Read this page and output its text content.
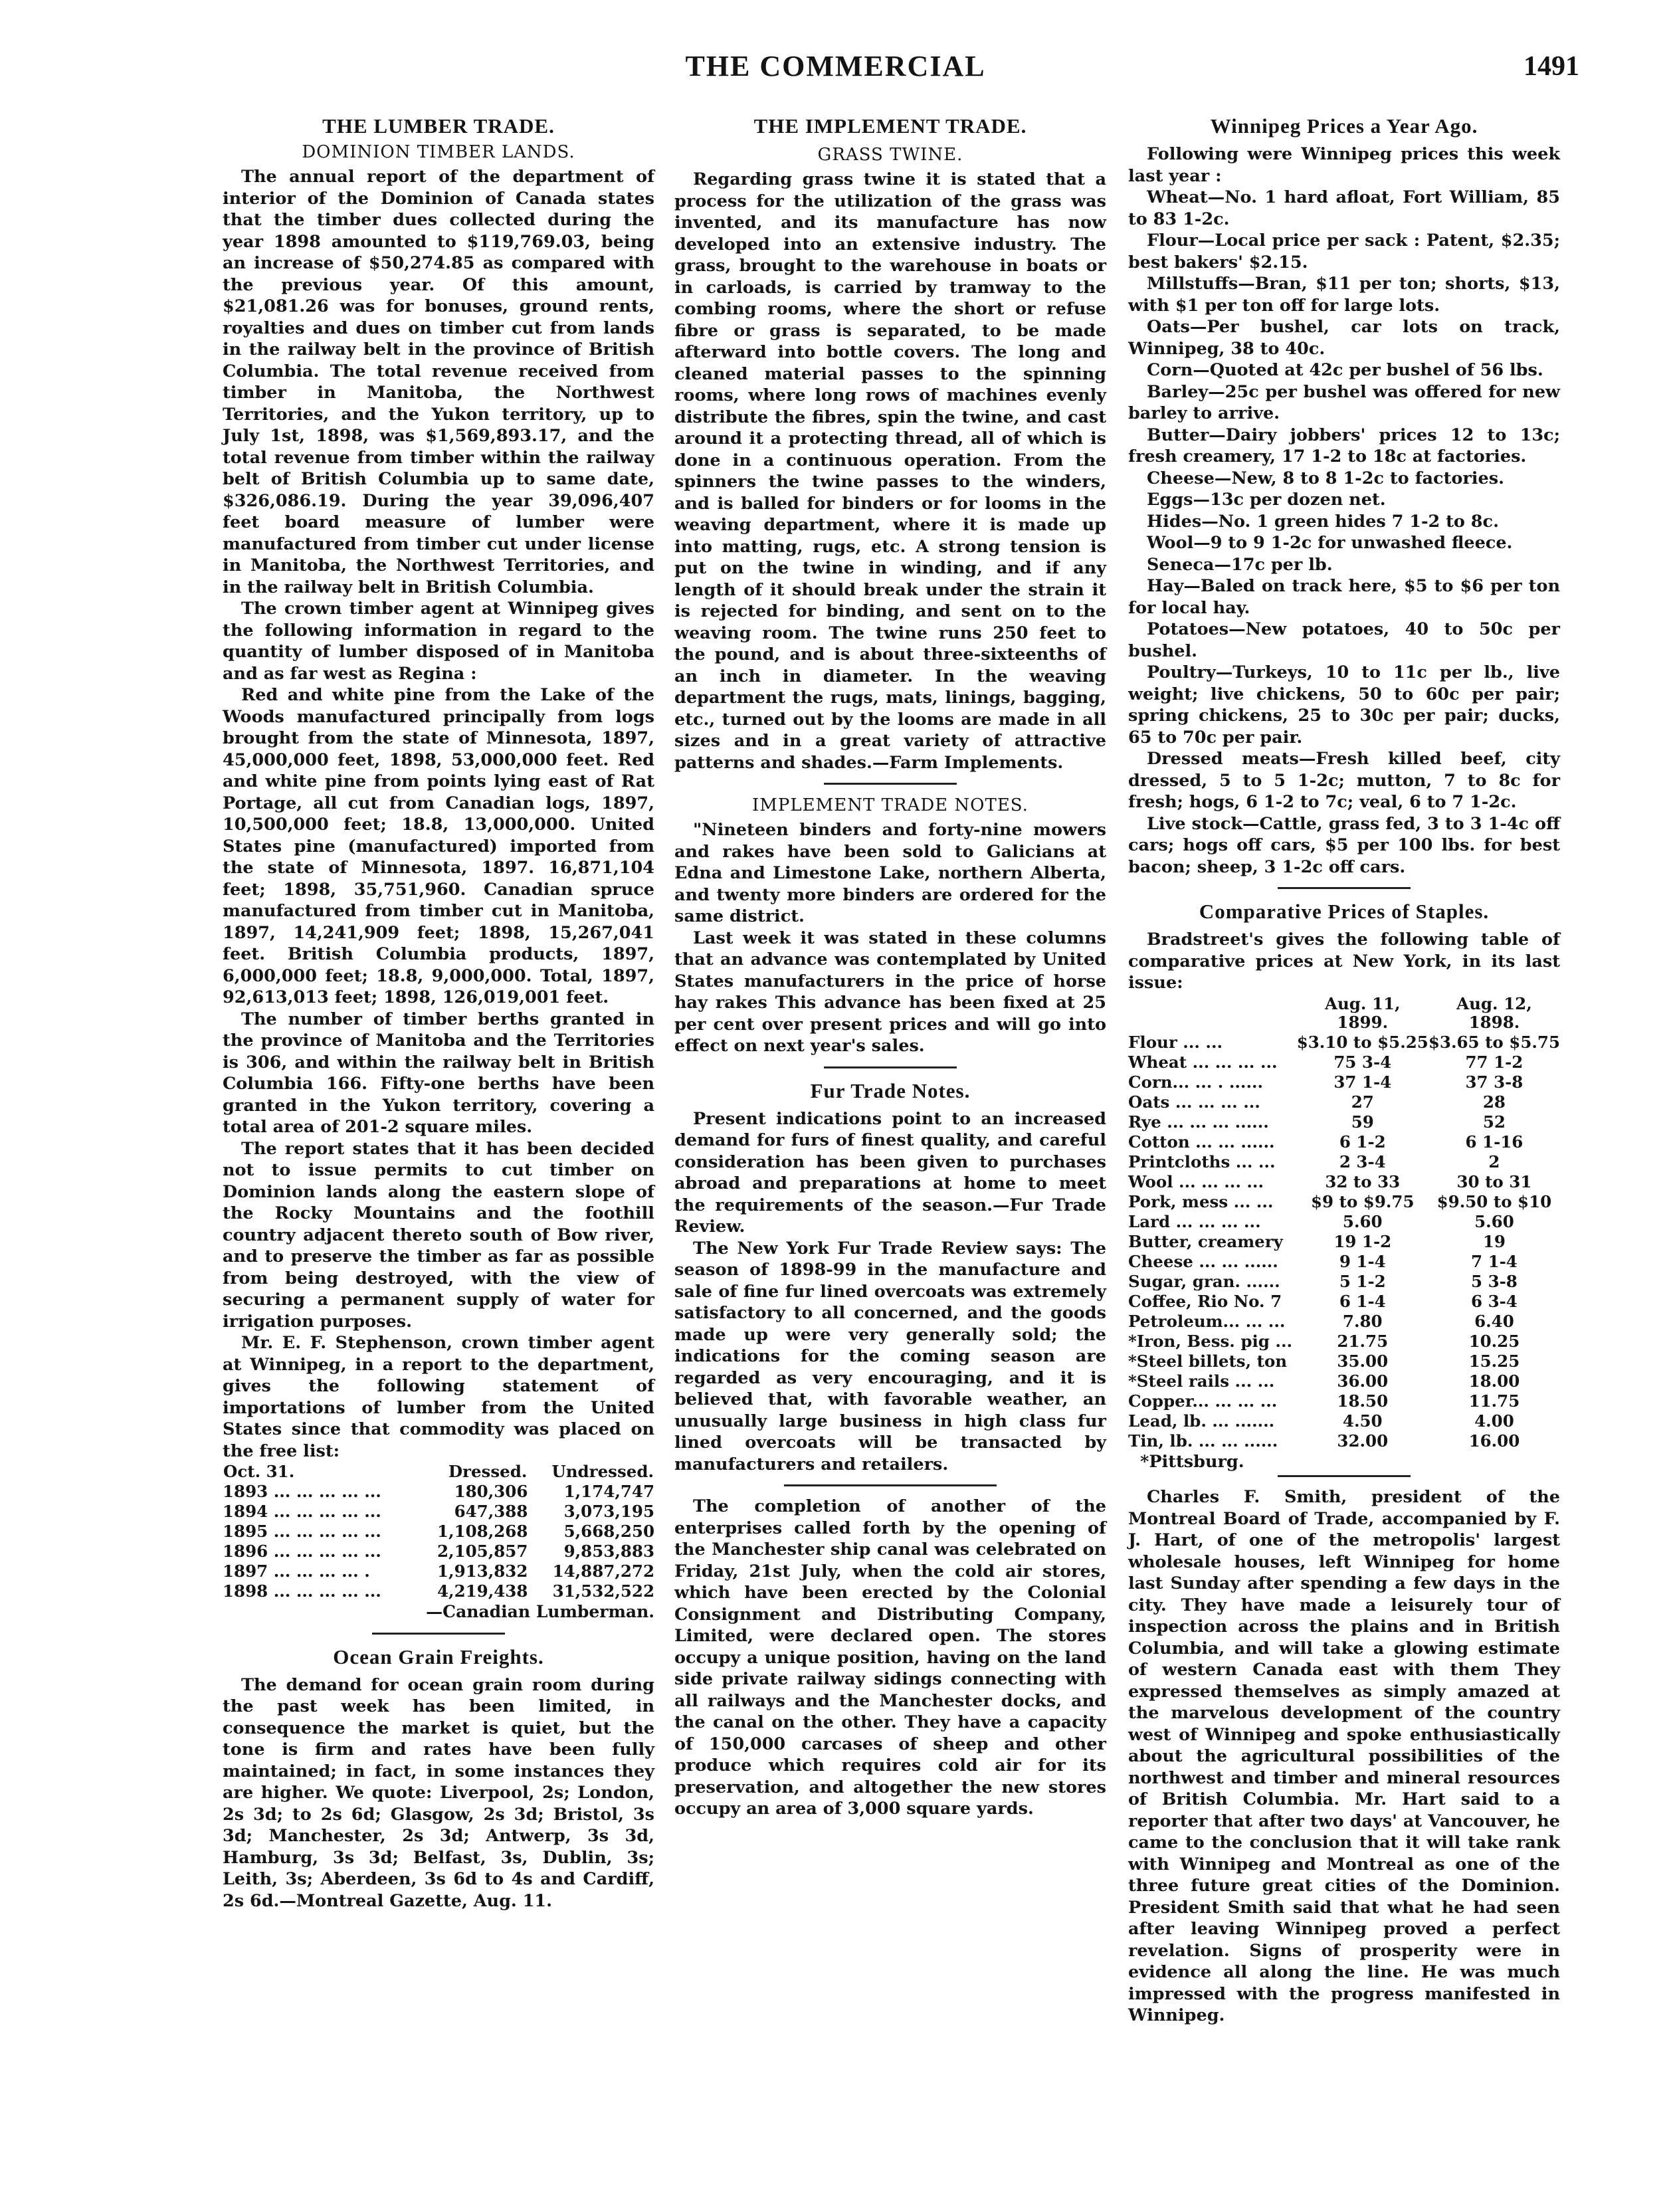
THE COMMERCIAL	1491
THE LUMBER TRADE.
DOMINION TIMBER LANDS.

The annual report of the department of interior of the Dominion of Canada states that the timber dues collected during the year 1898 amounted to $119,769.03, being an increase of $50,274.85 as compared with the previous year. Of this amount, $21,081.26 was for bonuses, ground rents, royalties and dues on timber cut from lands in the railway belt in the province of British Columbia. The total revenue received from timber in Manitoba, the Northwest Territories, and the Yukon territory, up to July 1st, 1898, was $1,569,893.17, and the total revenue from timber within the railway belt of British Columbia up to same date, $326,086.19. During the year 39,096,407 feet board measure of lumber were manufactured from timber cut under license in Manitoba, the Northwest Territories, and in the railway belt in British Columbia.

The crown timber agent at Winnipeg gives the following information in regard to the quantity of lumber disposed of in Manitoba and as far west as Regina :

Red and white pine from the Lake of the Woods manufactured principally from logs brought from the state of Minnesota, 1897, 45,000,000 feet, 1898, 53,000,000 feet. Red and white pine from points lying east of Rat Portage, all cut from Canadian logs, 1897, 10,500,000 feet; 18.8, 13,000,000. United States pine (manufactured) imported from the state of Minnesota, 1897. 16,871,104 feet; 1898, 35,751,960. Canadian spruce manufactured from timber cut in Manitoba, 1897, 14,241,909 feet; 1898, 15,267,041 feet. British Columbia products, 1897, 6,000,000 feet; 18.8, 9,000,000. Total, 1897, 92,613,013 feet; 1898, 126,019,001 feet.

The number of timber berths granted in the province of Manitoba and the Territories is 306, and within the railway belt in British Columbia 166. Fifty-one berths have been granted in the Yukon territory, covering a total area of 201-2 square miles.

The report states that it has been decided not to issue permits to cut timber on Dominion lands along the eastern slope of the Rocky Mountains and the foothill country adjacent thereto south of Bow river, and to preserve the timber as far as possible from being destroyed, with the view of securing a permanent supply of water for irrigation purposes.

Mr. E. F. Stephenson, crown timber agent at Winnipeg, in a report to the department, gives the following statement of importations of lumber from the United States since that commodity was placed on the free list:

Oct. 31.	Dressed.	Undressed.
1893 ... ... ... ... ...	180,306	1,174,747
1894 ... ... ... ... ...	647,388	3,073,195
1895 ... ... ... ... ...	1,108,268	5,668,250
1896 ... ... ... ... ...	2,105,857	9,853,883
1897 ... ... ... ... .	1,913,832	14,887,272
1898 ... ... ... ... ...	4,219,438	31,532,522

—Canadian Lumberman.

Ocean Grain Freights.

The demand for ocean grain room during the past week has been limited, in consequence the market is quiet, but the tone is firm and rates have been fully maintained; in fact, in some instances they are higher. We quote: Liverpool, 2s; London, 2s 3d; to 2s 6d; Glasgow, 2s 3d; Bristol, 3s 3d; Manchester, 2s 3d; Antwerp, 3s 3d, Hamburg, 3s 3d; Belfast, 3s, Dublin, 3s; Leith, 3s; Aberdeen, 3s 6d to 4s and Cardiff, 2s 6d.—Montreal Gazette, Aug. 11.

THE IMPLEMENT TRADE.
GRASS TWINE.

Regarding grass twine it is stated that a process for the utilization of the grass was invented, and its manufacture has now developed into an extensive industry. The grass, brought to the warehouse in boats or in carloads, is carried by tramway to the combing rooms, where the short or refuse fibre or grass is separated, to be made afterward into bottle covers. The long and cleaned material passes to the spinning rooms, where long rows of machines evenly distribute the fibres, spin the twine, and cast around it a protecting thread, all of which is done in a continuous operation. From the spinners the twine passes to the winders, and is balled for binders or for looms in the weaving department, where it is made up into matting, rugs, etc. A strong tension is put on the twine in winding, and if any length of it should break under the strain it is rejected for binding, and sent on to the weaving room. The twine runs 250 feet to the pound, and is about three-sixteenths of an inch in diameter. In the weaving department the rugs, mats, linings, bagging, etc., turned out by the looms are made in all sizes and in a great variety of attractive patterns and shades.—Farm Implements.

IMPLEMENT TRADE NOTES.

"Nineteen binders and forty-nine mowers and rakes have been sold to Galicians at Edna and Limestone Lake, northern Alberta, and twenty more binders are ordered for the same district.

Last week it was stated in these columns that an advance was contemplated by United States manufacturers in the price of horse hay rakes This advance has been fixed at 25 per cent over present prices and will go into effect on next year's sales.

Fur Trade Notes.

Present indications point to an increased demand for furs of finest quality, and careful consideration has been given to purchases abroad and preparations at home to meet the requirements of the season.—Fur Trade Review.

The New York Fur Trade Review says: The season of 1898-99 in the manufacture and sale of fine fur lined overcoats was extremely satisfactory to all concerned, and the goods made up were very generally sold; the indications for the coming season are regarded as very encouraging, and it is believed that, with favorable weather, an unusually large business in high class fur lined overcoats will be transacted by manufacturers and retailers.

The completion of another of the enterprises called forth by the opening of the Manchester ship canal was celebrated on Friday, 21st July, when the cold air stores, which have been erected by the Colonial Consignment and Distributing Company, Limited, were declared open. The stores occupy a unique position, having on the land side private railway sidings connecting with all railways and the Manchester docks, and the canal on the other. They have a capacity of 150,000 carcases of sheep and other produce which requires cold air for its preservation, and altogether the new stores occupy an area of 3,000 square yards.

Winnipeg Prices a Year Ago.

Following were Winnipeg prices this week last year :

Wheat—No. 1 hard afloat, Fort William, 85 to 83 1-2c.

Flour—Local price per sack : Patent, $2.35; best bakers' $2.15.

Millstuffs—Bran, $11 per ton; shorts, $13, with $1 per ton off for large lots.

Oats—Per bushel, car lots on track, Winnipeg, 38 to 40c.

Corn—Quoted at 42c per bushel of 56 lbs.

Barley—25c per bushel was offered for new barley to arrive.

Butter—Dairy jobbers' prices 12 to 13c; fresh creamery, 17 1-2 to 18c at factories.

Cheese—New, 8 to 8 1-2c to factories.

Eggs—13c per dozen net.

Hides—No. 1 green hides 7 1-2 to 8c.

Wool—9 to 9 1-2c for unwashed fleece.

Seneca—17c per lb.

Hay—Baled on track here, $5 to $6 per ton for local hay.

Potatoes—New potatoes, 40 to 50c per bushel.

Poultry—Turkeys, 10 to 11c per lb., live weight; live chickens, 50 to 60c per pair; spring chickens, 25 to 30c per pair; ducks, 65 to 70c per pair.

Dressed meats—Fresh killed beef, city dressed, 5 to 5 1-2c; mutton, 7 to 8c for fresh; hogs, 6 1-2 to 7c; veal, 6 to 7 1-2c.

Live stock—Cattle, grass fed, 3 to 3 1-4c off cars; hogs off cars, $5 per 100 lbs. for best bacon; sheep, 3 1-2c off cars.

Comparative Prices of Staples.

Bradstreet's gives the following table of comparative prices at New York, in its last issue:

	Aug. 11, 1899.	Aug. 12, 1898.
Flour ... ...	$3.10 to $5.25	$3.65 to $5.75
Wheat ... ... ... ...	75 3-4	77 1-2
Corn... ... . ......	37 1-4	37 3-8
Oats ... ... ... ...	27	28
Rye ... ... ... ......	59	52
Cotton ... ... ......	6 1-2	6 1-16
Printcloths ... ...	2 3-4	2
Wool ... ... ... ...	32 to 33	30 to 31
Pork, mess ... ...	$9 to $9.75	$9.50 to $10
Lard ... ... ... ...	5.60	5.60
Butter, creamery	19 1-2	19
Cheese ... ... ......	9 1-4	7 1-4
Sugar, gran. ......	5 1-2	5 3-8
Coffee, Rio No. 7	6 1-4	6 3-4
Petroleum... ... ...	7.80	6.40
*Iron, Bess. pig ...	21.75	10.25
*Steel billets, ton	35.00	15.25
*Steel rails ... ...	36.00	18.00
Copper... ... ... ...	18.50	11.75
Lead, lb. ... .......	4.50	4.00
Tin, lb. ... ... ......	32.00	16.00

*Pittsburg.

Charles F. Smith, president of the Montreal Board of Trade, accompanied by F. J. Hart, of one of the metropolis' largest wholesale houses, left Winnipeg for home last Sunday after spending a few days in the city. They have made a leisurely tour of inspection across the plains and in British Columbia, and will take a glowing estimate of western Canada east with them They expressed themselves as simply amazed at the marvelous development of the country west of Winnipeg and spoke enthusiastically about the agricultural possibilities of the northwest and timber and mineral resources of British Columbia. Mr. Hart said to a reporter that after two days' at Vancouver, he came to the conclusion that it will take rank with Winnipeg and Montreal as one of the three future great cities of the Dominion. President Smith said that what he had seen after leaving Winnipeg proved a perfect revelation. Signs of prosperity were in evidence all along the line. He was much impressed with the progress manifested in Winnipeg.
